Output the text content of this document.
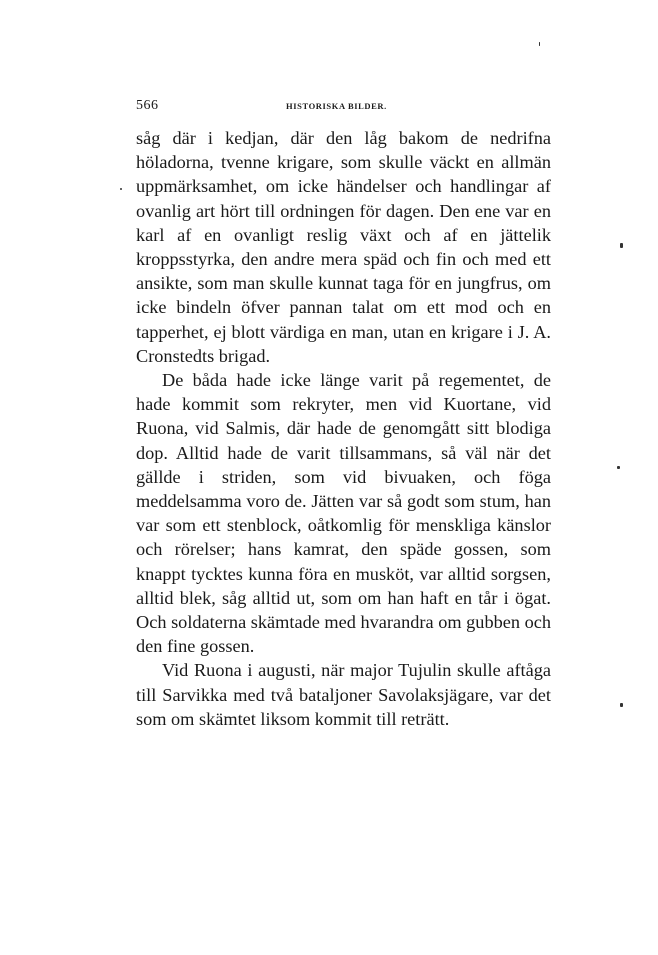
566	HISTORISKA BILDER.

såg där i kedjan, där den låg bakom de nedrifna höladorna, tvenne krigare, som skulle väckt en allmän uppmärksamhet, om icke händelser och handlingar af ovanlig art hört till ordningen för dagen. Den ene var en karl af en ovanligt reslig växt och af en jättelik kroppsstyrka, den andre mera späd och fin och med ett ansikte, som man skulle kunnat taga för en jungfrus, om icke bindeln öfver pannan talat om ett mod och en tapperhet, ej blott värdiga en man, utan en krigare i J. A. Cronstedts brigad.

De båda hade icke länge varit på regementet, de hade kommit som rekryter, men vid Kuortane, vid Ruona, vid Salmis, där hade de genomgått sitt blodiga dop. Alltid hade de varit tillsammans, så väl när det gällde i striden, som vid bivuaken, och föga meddelsamma voro de. Jätten var så godt som stum, han var som ett stenblock, oåtkomlig för menskliga känslor och rörelser; hans kamrat, den späde gossen, som knappt tycktes kunna föra en musköt, var alltid sorgsen, alltid blek, såg alltid ut, som om han haft en tår i ögat. Och soldaterna skämtade med hvarandra om gubben och den fine gossen.

Vid Ruona i augusti, när major Tujulin skulle aftåga till Sarvikka med två bataljoner Savolaksjägare, var det som om skämtet liksom kommit till reträtt.
